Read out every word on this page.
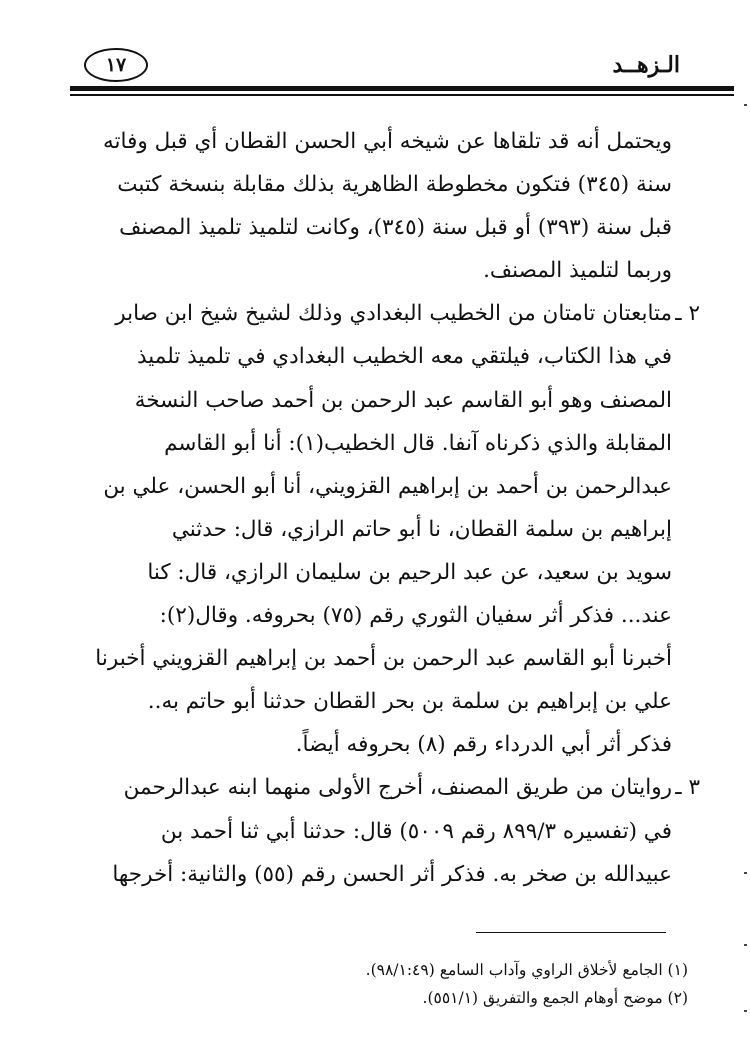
الـزهــد
١٧
ويحتمل أنه قد تلقاها عن شيخه أبي الحسن القطان أي قبل وفاته
سنة (٣٤٥) فتكون مخطوطة الظاهرية بذلك مقابلة بنسخة كتبت
قبل سنة (٣٩٣) أو قبل سنة (٣٤٥)، وكانت لتلميذ تلميذ المصنف
وربما لتلميذ المصنف.
٢ ـ
متابعتان تامتان من الخطيب البغدادي وذلك لشيخ شيخ ابن صابر
في هذا الكتاب، فيلتقي معه الخطيب البغدادي في تلميذ تلميذ
المصنف وهو أبو القاسم عبد الرحمن بن أحمد صاحب النسخة
المقابلة والذي ذكرناه آنفا. قال الخطيب(١): أنا أبو القاسم
عبدالرحمن بن أحمد بن إبراهيم القزويني، أنا أبو الحسن، علي بن
إبراهيم بن سلمة القطان، نا أبو حاتم الرازي، قال: حدثني
سويد بن سعيد، عن عبد الرحيم بن سليمان الرازي، قال: كنا
عند... فذكر أثر سفيان الثوري رقم (٧٥) بحروفه. وقال(٢):
أخبرنا أبو القاسم عبد الرحمن بن أحمد بن إبراهيم القزويني أخبرنا
علي بن إبراهيم بن سلمة بن بحر القطان حدثنا أبو حاتم به..
فذكر أثر أبي الدرداء رقم (٨) بحروفه أيضاً.
٣ ـ
روايتان من طريق المصنف، أخرج الأولى منهما ابنه عبدالرحمن
في (تفسيره ٨٩٩/٣ رقم ٥٠٠٩) قال: حدثنا أبي ثنا أحمد بن
عبيدالله بن صخر به. فذكر أثر الحسن رقم (٥٥) والثانية: أخرجها
(١) الجامع لأخلاق الراوي وآداب السامع (٩٨/١:٤٩).
(٢) موضح أوهام الجمع والتفريق (٥٥١/١).
